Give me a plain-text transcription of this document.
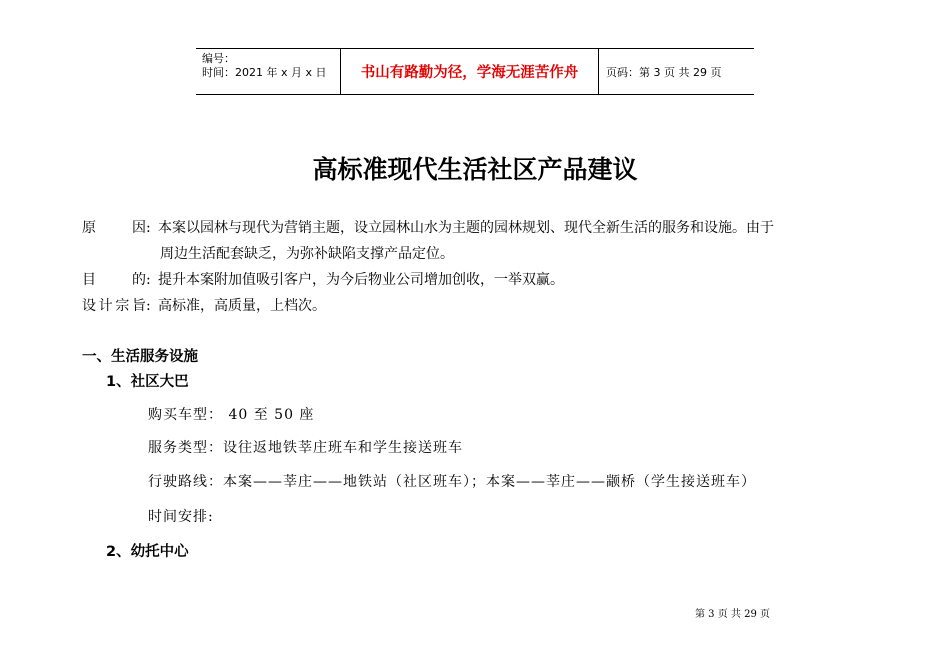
编号：
时间：2021 年 x 月 x 日	书山有路勤为径，学海无涯苦作舟	页码：第 3 页 共 29 页
高标准现代生活社区产品建议
原因: 本案以园林与现代为营销主题，设立园林山水为主题的园林规划、现代全新生活的服务和设施。由于
周边生活配套缺乏，为弥补缺陷支撑产品定位。
目的: 提升本案附加值吸引客户，为今后物业公司增加创收，一举双赢。
设计宗旨: 高标准，高质量，上档次。
一、生活服务设施
1、社区大巴
购买车型： 40 至 50 座
服务类型：设往返地铁莘庄班车和学生接送班车
行驶路线：本案——莘庄——地铁站（社区班车）；本案——莘庄——颛桥（学生接送班车）
时间安排:
2、幼托中心
第 3 页 共 29 页
